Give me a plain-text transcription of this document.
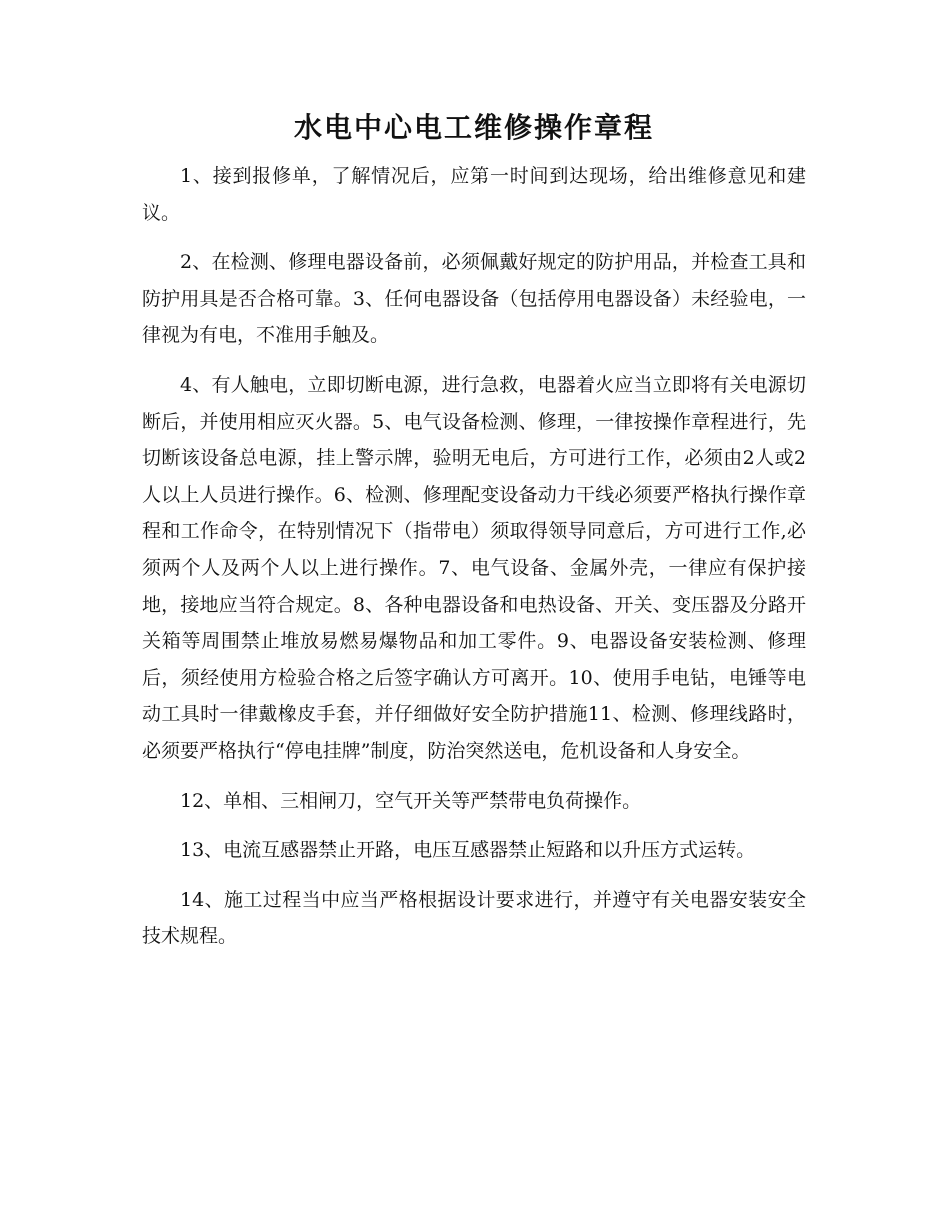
水电中心电工维修操作章程

1、接到报修单，了解情况后，应第一时间到达现场，给出维修意见和建议。

2、在检测、修理电器设备前，必须佩戴好规定的防护用品，并检查工具和防护用具是否合格可靠。3、任何电器设备（包括停用电器设备）未经验电，一律视为有电，不准用手触及。

4、有人触电，立即切断电源，进行急救，电器着火应当立即将有关电源切断后，并使用相应灭火器。5、电气设备检测、修理，一律按操作章程进行，先切断该设备总电源，挂上警示牌，验明无电后，方可进行工作，必须由2人或2人以上人员进行操作。6、检测、修理配变设备动力干线必须要严格执行操作章程和工作命令，在特别情况下（指带电）须取得领导同意后，方可进行工作,必须两个人及两个人以上进行操作。7、电气设备、金属外壳，一律应有保护接地，接地应当符合规定。8、各种电器设备和电热设备、开关、变压器及分路开关箱等周围禁止堆放易燃易爆物品和加工零件。9、电器设备安装检测、修理后，须经使用方检验合格之后签字确认方可离开。10、使用手电钻，电锤等电动工具时一律戴橡皮手套，并仔细做好安全防护措施11、检测、修理线路时，必须要严格执行“停电挂牌”制度，防治突然送电，危机设备和人身安全。

12、单相、三相闸刀，空气开关等严禁带电负荷操作。

13、电流互感器禁止开路，电压互感器禁止短路和以升压方式运转。

14、施工过程当中应当严格根据设计要求进行，并遵守有关电器安装安全技术规程。
